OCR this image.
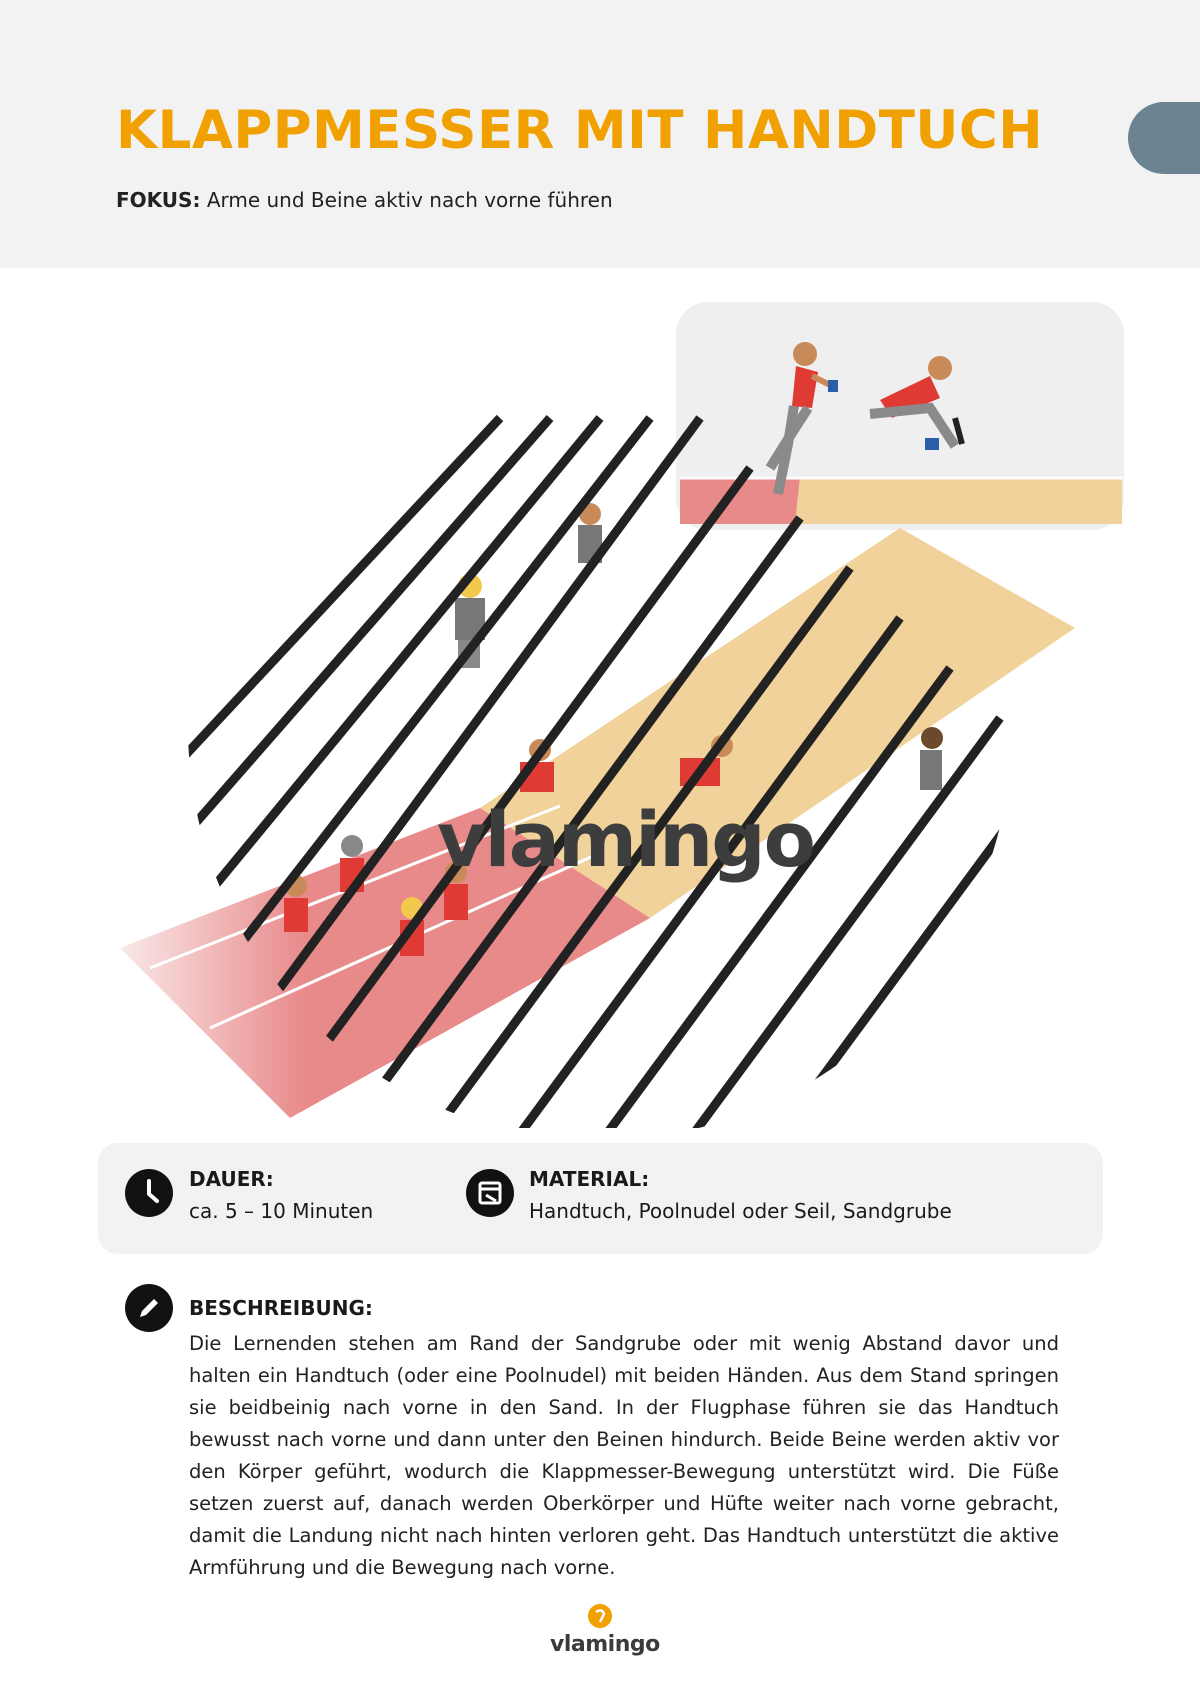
KLAPPMESSER MIT HANDTUCH
FOKUS: Arme und Beine aktiv nach vorne führen
vlamingo
DAUER:
ca. 5 – 10 Minuten
MATERIAL:
Handtuch, Poolnudel oder Seil, Sandgrube
BESCHREIBUNG:
Die Lernenden stehen am Rand der Sandgrube oder mit wenig Abstand davor und halten ein Handtuch (oder eine Poolnudel) mit beiden Händen. Aus dem Stand springen sie beidbeinig nach vorne in den Sand. In der Flugphase führen sie das Handtuch bewusst nach vorne und dann unter den Beinen hindurch. Beide Beine werden aktiv vor den Körper geführt, wodurch die Klappmesser-Bewegung unterstützt wird. Die Füße setzen zuerst auf, danach werden Oberkörper und Hüfte weiter nach vorne gebracht, damit die Landung nicht nach hinten verloren geht. Das Handtuch unterstützt die aktive Armführung und die Bewegung nach vorne.
vlamingo
